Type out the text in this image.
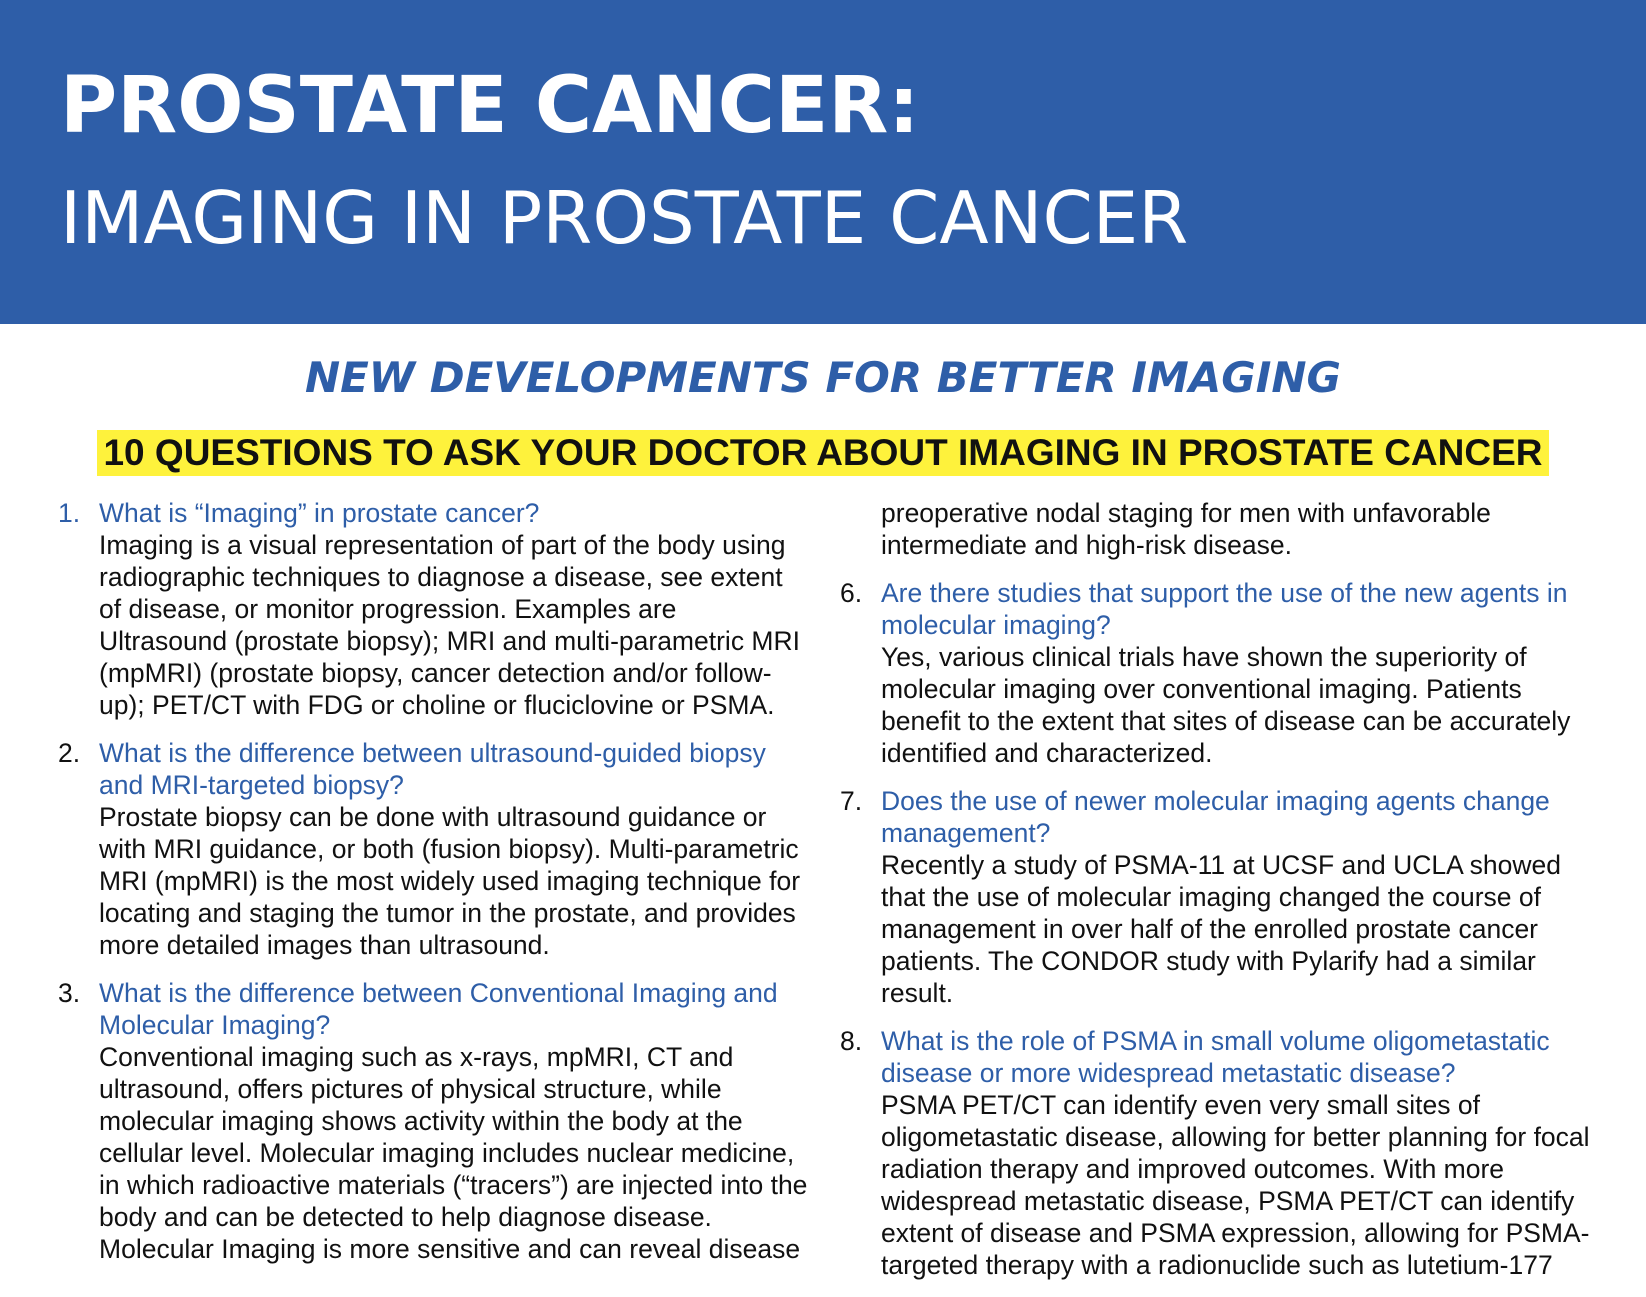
PROSTATE CANCER:
IMAGING IN PROSTATE CANCER
NEW DEVELOPMENTS FOR BETTER IMAGING
10 QUESTIONS TO ASK YOUR DOCTOR ABOUT IMAGING IN PROSTATE CANCER
1. What is “Imaging” in prostate cancer?
Imaging is a visual representation of part of the body using radiographic techniques to diagnose a disease, see extent of disease, or monitor progression. Examples are Ultrasound (prostate biopsy); MRI and multi-parametric MRI (mpMRI) (prostate biopsy, cancer detection and/or follow-up); PET/CT with FDG or choline or fluciclovine or PSMA.
2. What is the difference between ultrasound-guided biopsy and MRI-targeted biopsy?
Prostate biopsy can be done with ultrasound guidance or with MRI guidance, or both (fusion biopsy). Multi-parametric MRI (mpMRI) is the most widely used imaging technique for locating and staging the tumor in the prostate, and provides more detailed images than ultrasound.
3. What is the difference between Conventional Imaging and Molecular Imaging?
Conventional imaging such as x-rays, mpMRI, CT and ultrasound, offers pictures of physical structure, while molecular imaging shows activity within the body at the cellular level. Molecular imaging includes nuclear medicine, in which radioactive materials (“tracers”) are injected into the body and can be detected to help diagnose disease. Molecular Imaging is more sensitive and can reveal disease
preoperative nodal staging for men with unfavorable intermediate and high-risk disease.
6. Are there studies that support the use of the new agents in molecular imaging?
Yes, various clinical trials have shown the superiority of molecular imaging over conventional imaging. Patients benefit to the extent that sites of disease can be accurately identified and characterized.
7. Does the use of newer molecular imaging agents change management?
Recently a study of PSMA-11 at UCSF and UCLA showed that the use of molecular imaging changed the course of management in over half of the enrolled prostate cancer patients. The CONDOR study with Pylarify had a similar result.
8. What is the role of PSMA in small volume oligometastatic disease or more widespread metastatic disease?
PSMA PET/CT can identify even very small sites of oligometastatic disease, allowing for better planning for focal radiation therapy and improved outcomes. With more widespread metastatic disease, PSMA PET/CT can identify extent of disease and PSMA expression, allowing for PSMA-targeted therapy with a radionuclide such as lutetium-177
